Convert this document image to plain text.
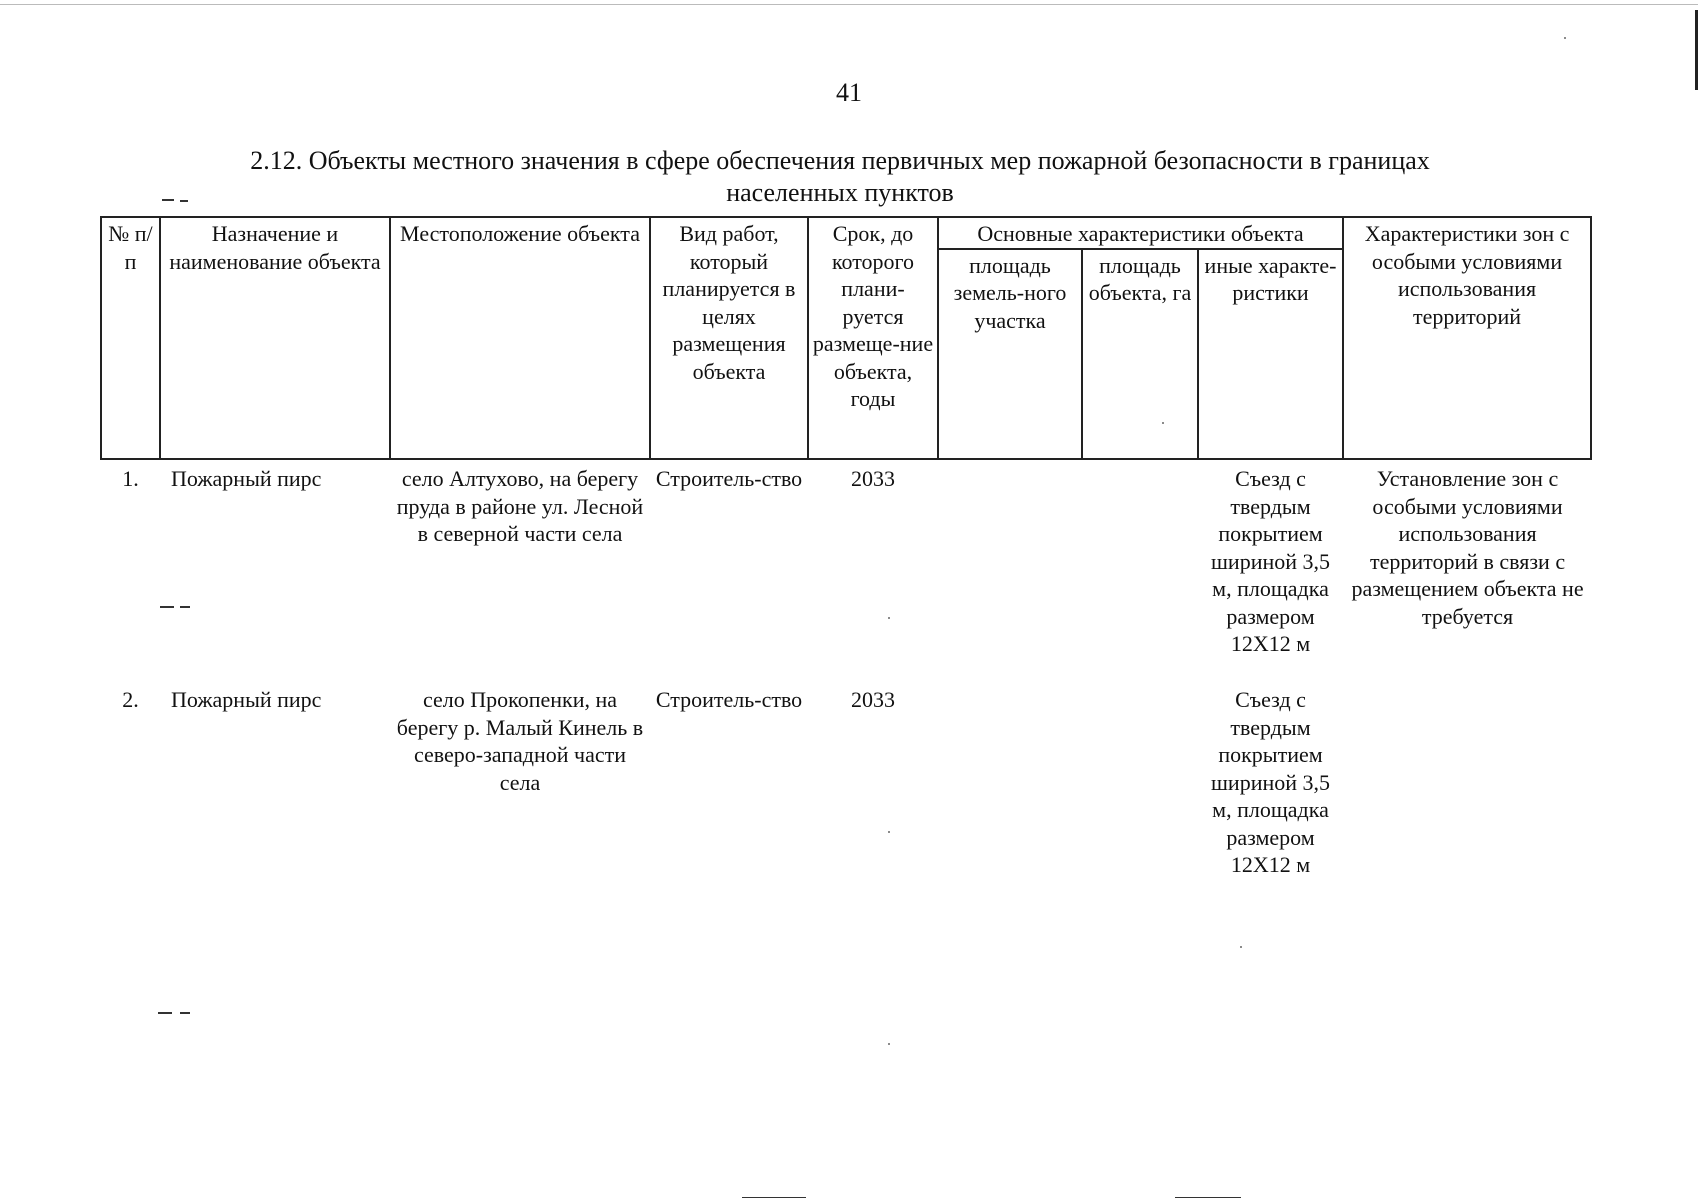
41
2.12. Объекты местного значения в сфере обеспечения первичных мер пожарной безопасности в границах
населенных пунктов
№ п/п	Назначение и наименование объекта	Местоположение объекта	Вид работ, который планируется в целях размещения объекта	Срок, до которого плани-руется размеще-ние объекта, годы	Основные характеристики объекта			Характеристики зон с особыми условиями использования территорий
					площадь земель-ного участка	площадь объекта, га	иные характе-ристики	
1.	Пожарный пирс	село Алтухово, на берегу пруда в районе ул. Лесной в северной части села	Строитель-ство	2033			Съезд с твердым покрытием шириной 3,5 м, площадка размером 12Х12 м	Установление зон с особыми условиями использования территорий в связи с размещением объекта не требуется
2.	Пожарный пирс	село Прокопенки, на берегу р. Малый Кинель в северо-западной части села	Строитель-ство	2033			Съезд с твердым покрытием шириной 3,5 м, площадка размером 12Х12 м	
